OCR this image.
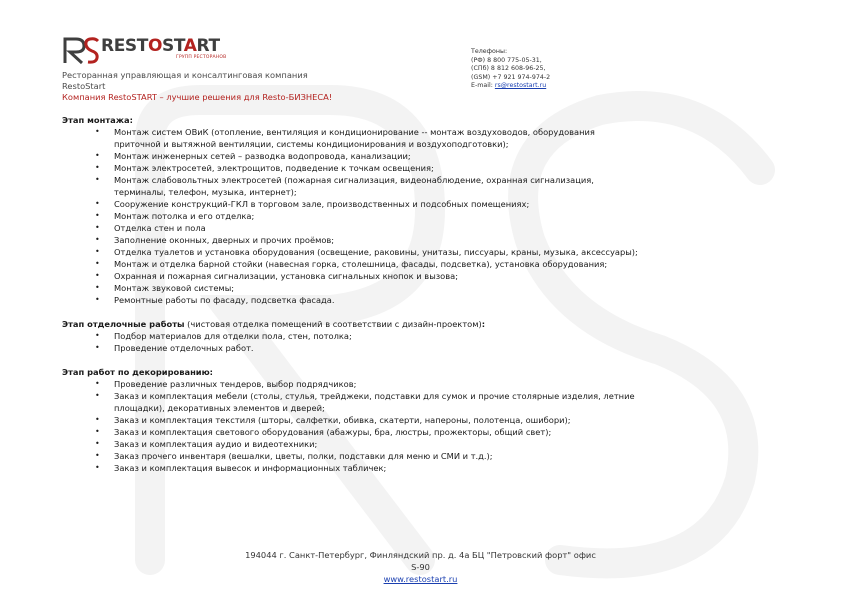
RESTOSTART
ГРУПП РЕСТОРАНОВ
Ресторанная управляющая и консалтинговая компания
RestoStart
Компания RestoSTART – лучшие решения для Resto-БИЗНЕСА!
Телефоны:
(РФ) 8 800 775-05-31,
(СПб) 8 812 608-96-25,
(GSM) +7 921 974-974-2
E-mail: rs@restostart.ru

Этап монтажа:

• Монтаж систем ОВиК (отопление, вентиляция и кондиционирование -- монтаж воздуховодов, оборудования
приточной и вытяжной вентиляции, системы кондиционирования и воздухоподготовки);
• Монтаж инженерных сетей – разводка водопровода, канализации;
• Монтаж электросетей, электрощитов, подведение к точкам освещения;
• Монтаж слабовольтных электросетей (пожарная сигнализация, видеонаблюдение, охранная сигнализация,
терминалы, телефон, музыка, интернет);
• Сооружение конструкций-ГКЛ в торговом зале, производственных и подсобных помещениях;
• Монтаж потолка и его отделка;
• Отделка стен и пола
• Заполнение оконных, дверных и прочих проёмов;
• Отделка туалетов и установка оборудования (освещение, раковины, унитазы, писсуары, краны, музыка, аксессуары);
• Монтаж и отделка барной стойки (навесная горка, столешница, фасады, подсветка), установка оборудования;
• Охранная и пожарная сигнализации, установка сигнальных кнопок и вызова;
• Монтаж звуковой системы;
• Ремонтные работы по фасаду, подсветка фасада.

Этап отделочные работы (чистовая отделка помещений в соответствии с дизайн-проектом):

• Подбор материалов для отделки пола, стен, потолка;
• Проведение отделочных работ.

Этап работ по декорированию:

• Проведение различных тендеров, выбор подрядчиков;
• Заказ и комплектация мебели (столы, стулья, трейджеки, подставки для сумок и прочие столярные изделия, летние
площадки), декоративных элементов и дверей;
• Заказ и комплектация текстиля (шторы, салфетки, обивка, скатерти, напероны, полотенца, ошибори);
• Заказ и комплектация светового оборудования (абажуры, бра, люстры, прожекторы, общий свет);
• Заказ и комплектация аудио и видеотехники;
• Заказ прочего инвентаря (вешалки, цветы, полки, подставки для меню и СМИ и т.д.);
• Заказ и комплектация вывесок и информационных табличек;
194044 г. Санкт-Петербург, Финляндский пр. д. 4а БЦ "Петровский форт" офис
S-90
www.restostart.ru
